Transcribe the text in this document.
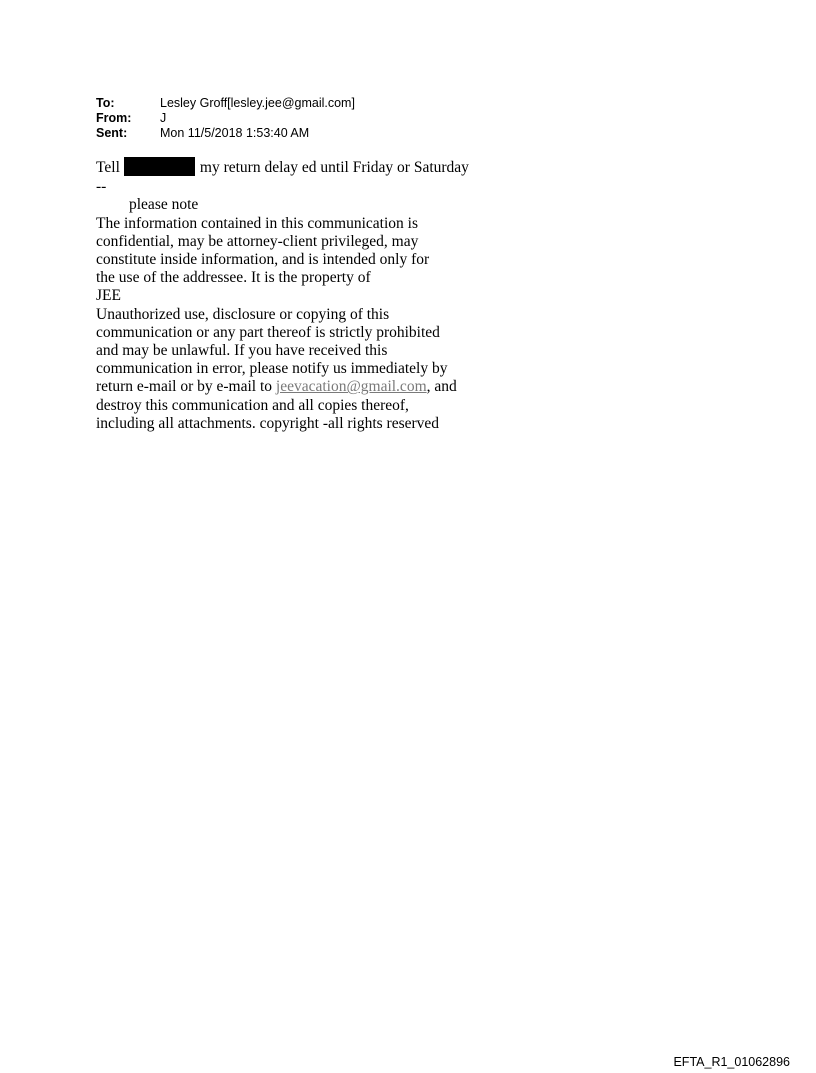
To:	Lesley Groff[lesley.jee@gmail.com]
From:	J
Sent:	Mon 11/5/2018 1:53:40 AM
Tell	my return delay ed until Friday or Saturday
--
please note
The information contained in this communication is
confidential, may be attorney-client privileged, may
constitute inside information, and is intended only for
the use of the addressee. It is the property of
JEE
Unauthorized use, disclosure or copying of this
communication or any part thereof is strictly prohibited
and may be unlawful. If you have received this
communication in error, please notify us immediately by
return e-mail or by e-mail to jeevacation@gmail.com, and
destroy this communication and all copies thereof,
including all attachments. copyright -all rights reserved
EFTA_R1_01062896
